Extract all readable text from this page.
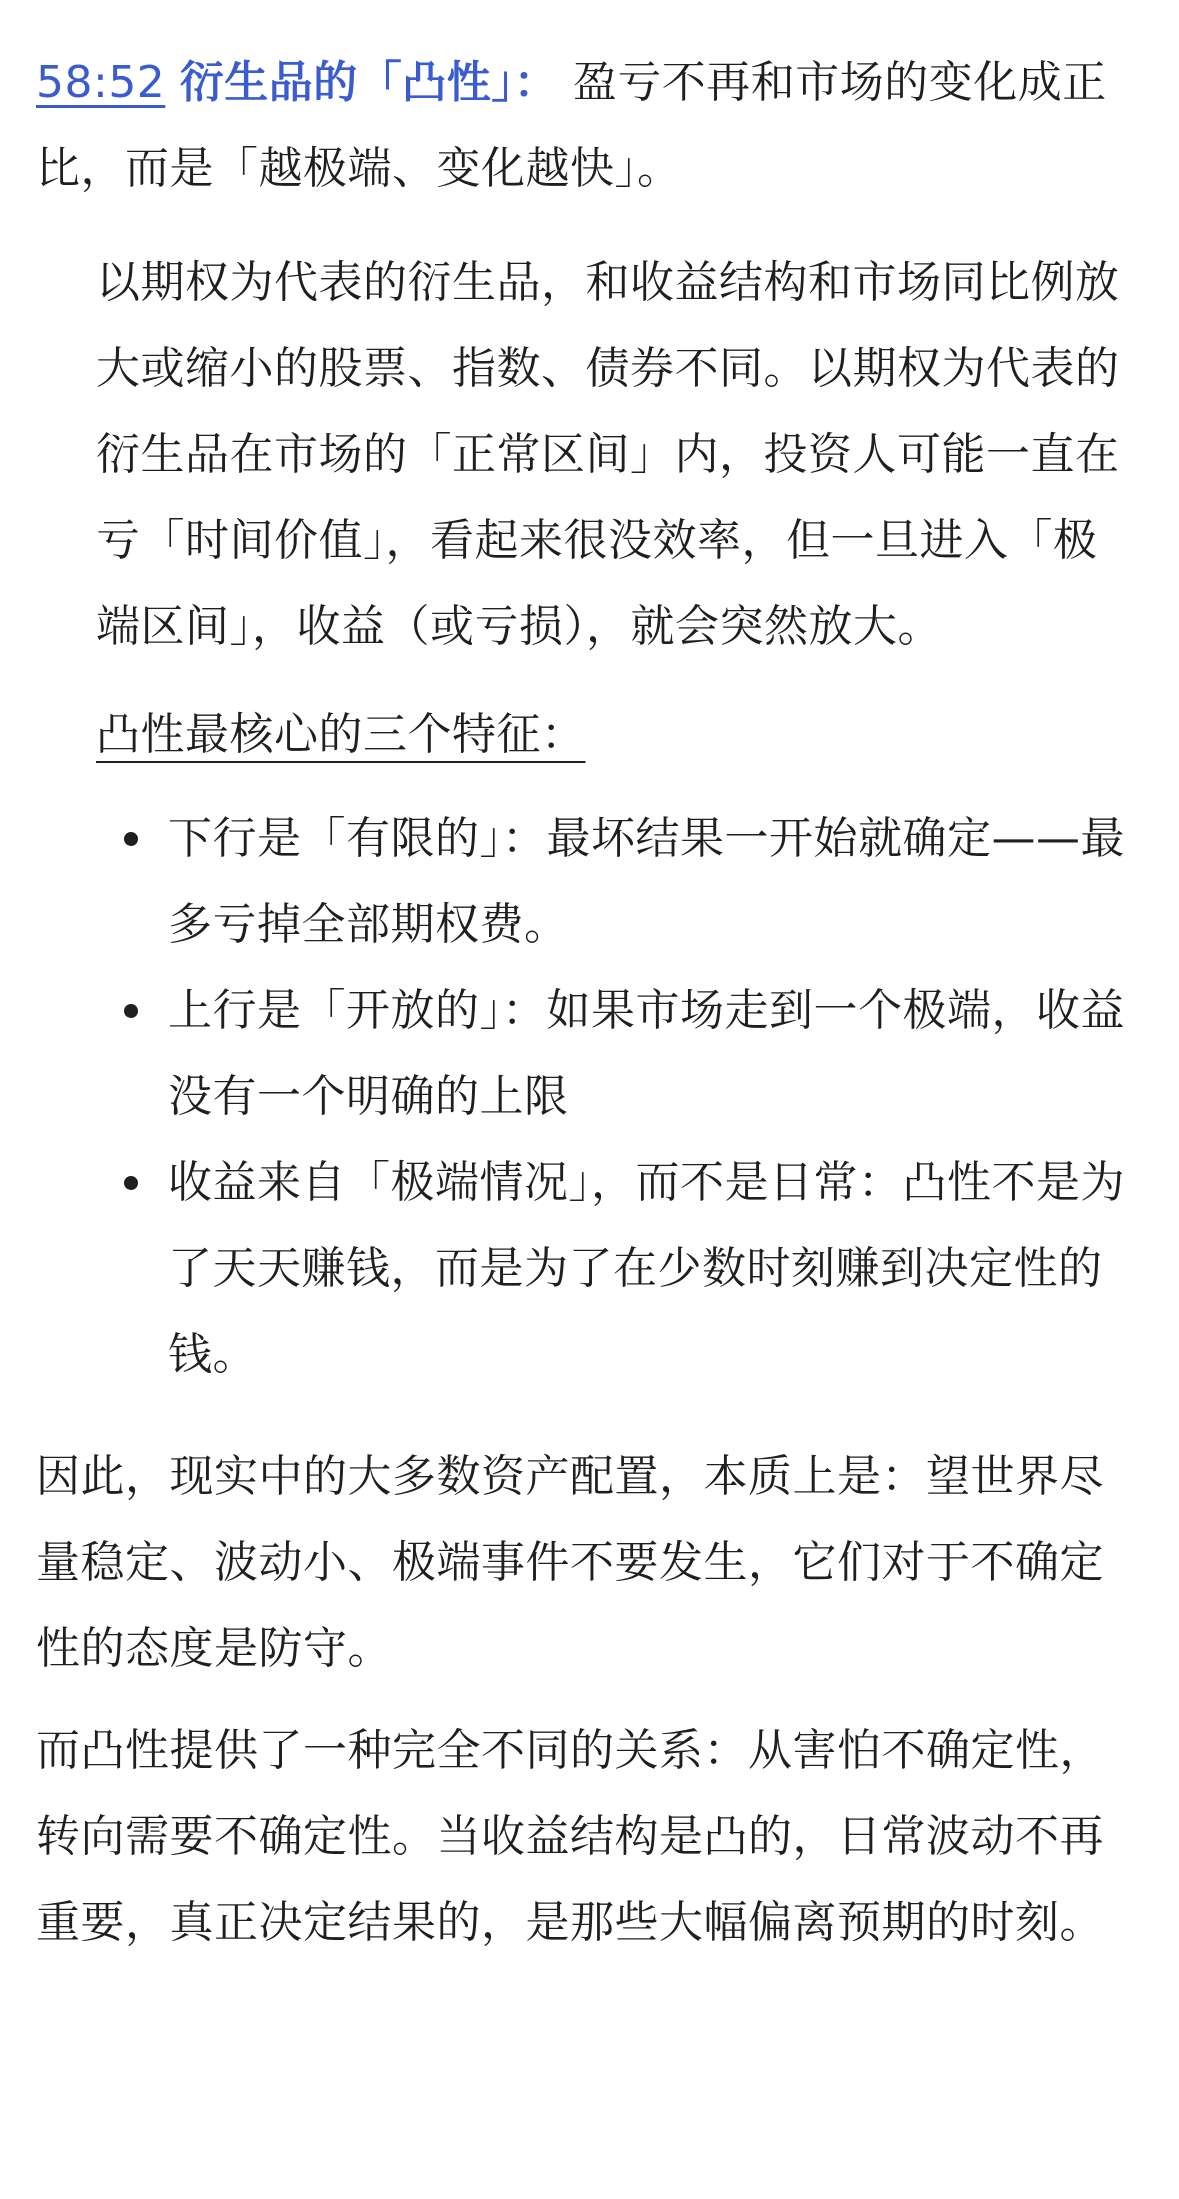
58:52 衍生品的「凸性」： 盈亏不再和市场的变化成正比，而是「越极端、变化越快」。

以期权为代表的衍生品，和收益结构和市场同比例放大或缩小的股票、指数、债券不同。以期权为代表的衍生品在市场的「正常区间」内，投资人可能一直在亏「时间价值」，看起来很没效率，但一旦进入「极端区间」，收益（或亏损），就会突然放大。

凸性最核心的三个特征：

下行是「有限的」：最坏结果一开始就确定——最多亏掉全部期权费。
上行是「开放的」：如果市场走到一个极端，收益没有一个明确的上限
收益来自「极端情况」，而不是日常：凸性不是为了天天赚钱，而是为了在少数时刻赚到决定性的钱。

因此，现实中的大多数资产配置，本质上是：望世界尽量稳定、波动小、极端事件不要发生，它们对于不确定性的态度是防守。

而凸性提供了一种完全不同的关系：从害怕不确定性，转向需要不确定性。当收益结构是凸的，日常波动不再重要，真正决定结果的，是那些大幅偏离预期的时刻。
